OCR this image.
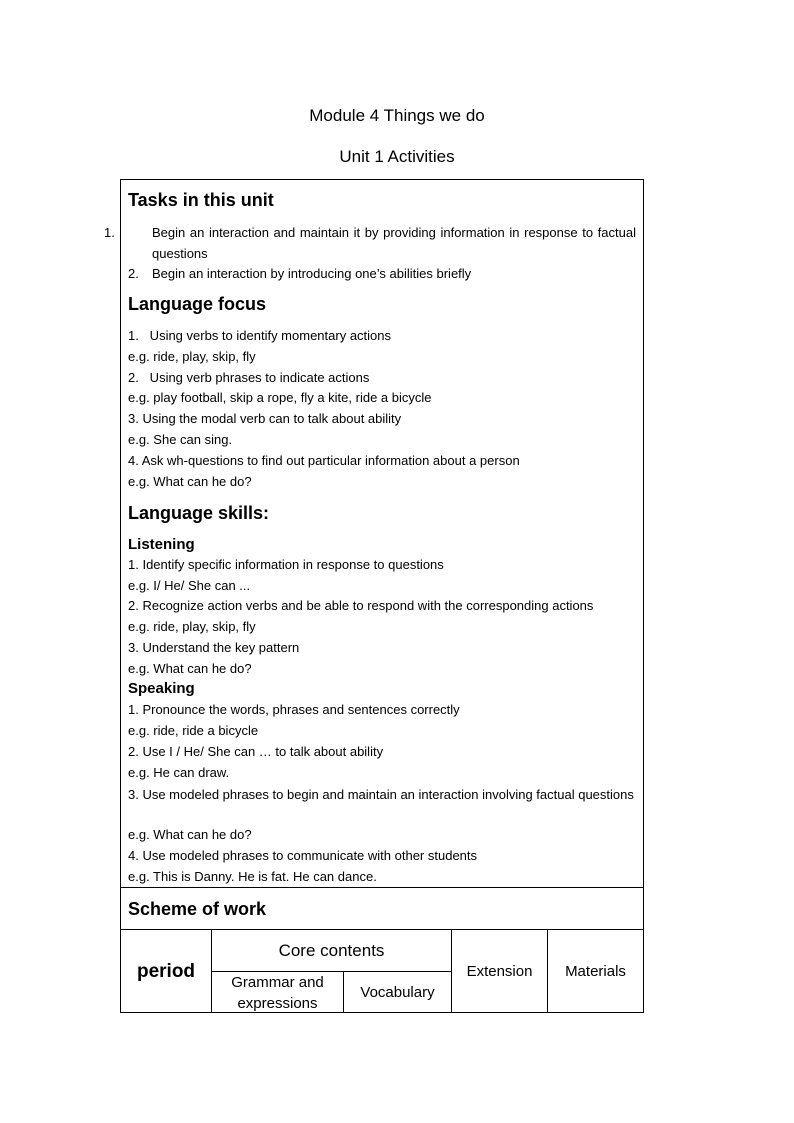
Module 4 Things we do
Unit 1 Activities
Tasks in this unit
1.	Begin an interaction and maintain it by providing information in response to factual questions
2. Begin an interaction by introducing one’s abilities briefly
Language focus
1.   Using verbs to identify momentary actions
e.g. ride, play, skip, fly
2.   Using verb phrases to indicate actions
e.g. play football, skip a rope, fly a kite, ride a bicycle
3. Using the modal verb can to talk about ability
e.g. She can sing.
4. Ask wh-questions to find out particular information about a person
e.g. What can he do?
Language skills:
Listening
1. Identify specific information in response to questions
e.g. I/ He/ She can ...
2. Recognize action verbs and be able to respond with the corresponding actions
e.g. ride, play, skip, fly
3. Understand the key pattern
e.g. What can he do?
Speaking
1. Pronounce the words, phrases and sentences correctly
e.g. ride, ride a bicycle
2. Use I / He/ She can … to talk about ability
e.g. He can draw.
3. Use modeled phrases to begin and maintain an interaction involving factual questions
e.g. What can he do?
4. Use modeled phrases to communicate with other students
e.g. This is Danny. He is fat. He can dance.
Scheme of work
period
Core contents
Grammar and expressions
Vocabulary
Extension	Materials
